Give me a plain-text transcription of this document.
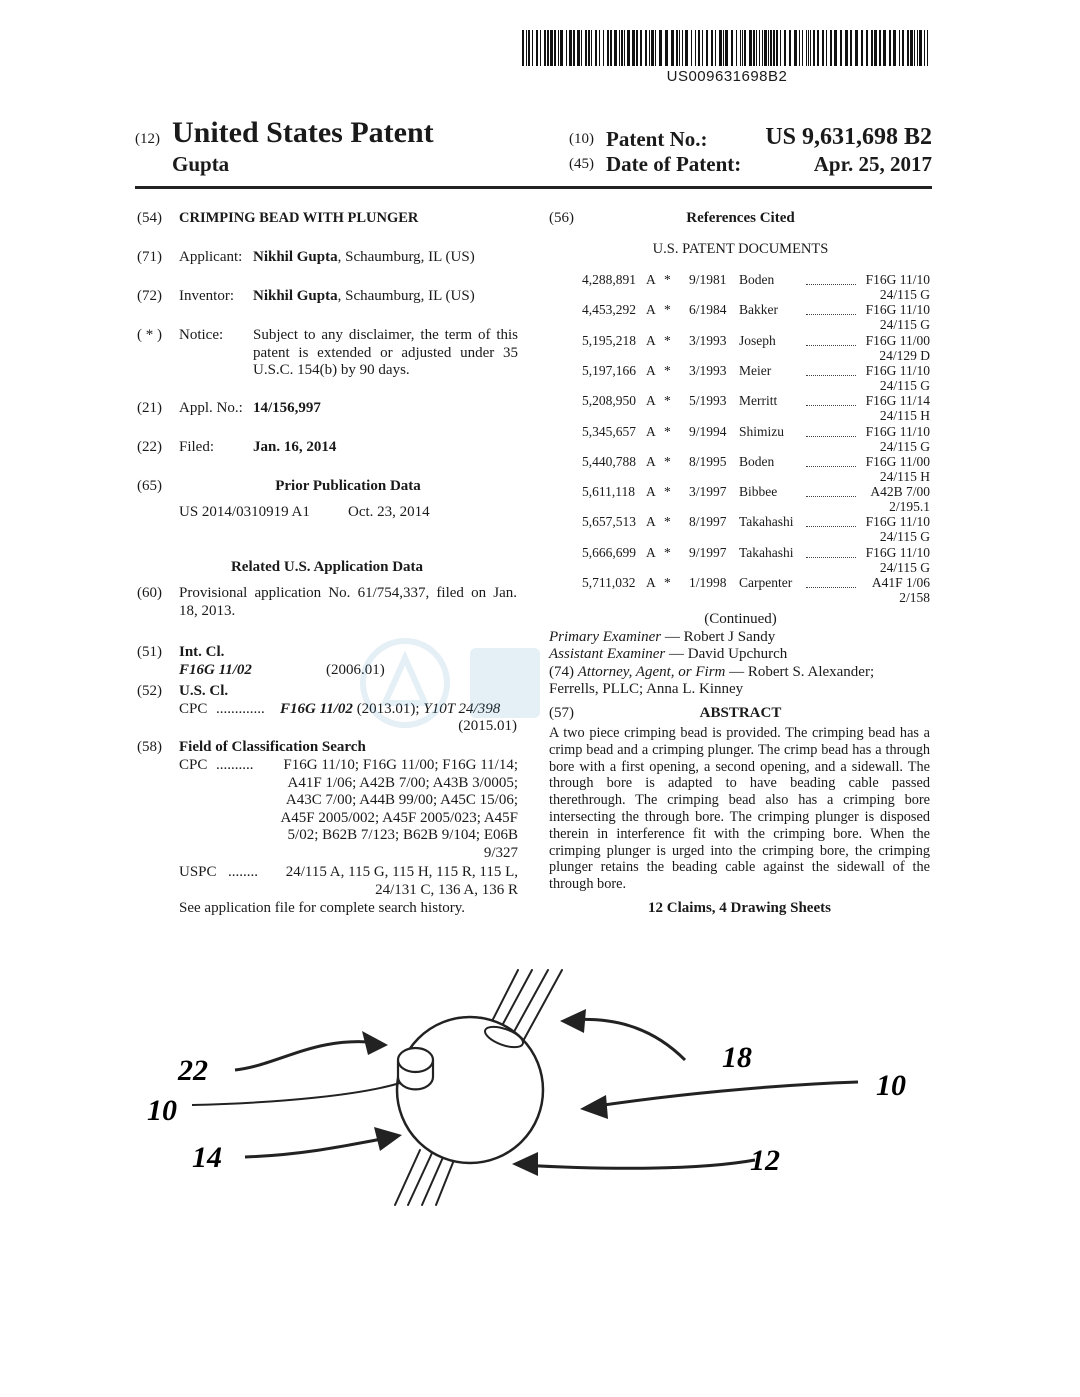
US009631698B2
(12) United States Patent
Gupta
(10) Patent No.: US 9,631,698 B2
(45) Date of Patent:	Apr. 25, 2017
(54) CRIMPING BEAD WITH PLUNGER
(71) Applicant: Nikhil Gupta, Schaumburg, IL (US)
(72) Inventor: Nikhil Gupta, Schaumburg, IL (US)
( * ) Notice: Subject to any disclaimer, the term of this patent is extended or adjusted under 35 U.S.C. 154(b) by 90 days.
(21) Appl. No.: 14/156,997
(22) Filed:	Jan. 16, 2014
(65)	Prior Publication Data
US 2014/0310919 A1	Oct. 23, 2014
Related U.S. Application Data
(60) Provisional application No. 61/754,337, filed on Jan. 18, 2013.
(51) Int. Cl.
F16G 11/02	(2006.01)
(52) U.S. Cl.
CPC ............. F16G 11/02 (2013.01); Y10T 24/398
(2015.01)
(58) Field of Classification Search
CPC ..........	F16G 11/10; F16G 11/00; F16G 11/14; A41F 1/06; A42B 7/00; A43B 3/0005; A43C 7/00; A44B 99/00; A45C 15/06; A45F 2005/002; A45F 2005/023; A45F 5/02; B62B 7/123; B62B 9/104; E06B 9/327
USPC ........	24/115 A, 115 G, 115 H, 115 R, 115 L, 24/131 C, 136 A, 136 R
See application file for complete search history.
(56)	References Cited
U.S. PATENT DOCUMENTS
4,288,891 A * 9/1981 Boden	F16G 11/10
24/115 G
4,453,292 A * 6/1984 Bakker	F16G 11/10
24/115 G
5,195,218 A * 3/1993 Joseph	F16G 11/00
24/129 D
5,197,166 A * 3/1993 Meier	F16G 11/10
24/115 G
5,208,950 A * 5/1993 Merritt	F16G 11/14
24/115 H
5,345,657 A * 9/1994 Shimizu	F16G 11/10
24/115 G
5,440,788 A * 8/1995 Boden	F16G 11/00
24/115 H
5,611,118 A * 3/1997 Bibbee	A42B 7/00
2/195.1
5,657,513 A * 8/1997 Takahashi	F16G 11/10
24/115 G
5,666,699 A * 9/1997 Takahashi	F16G 11/10
24/115 G
5,711,032 A * 1/1998 Carpenter	A41F 1/06
2/158
(Continued)
Primary Examiner — Robert J Sandy
Assistant Examiner — David Upchurch
(74) Attorney, Agent, or Firm — Robert S. Alexander;
Ferrells, PLLC; Anna L. Kinney
(57)	ABSTRACT
A two piece crimping bead is provided. The crimping bead has a crimp bead and a crimping plunger. The crimp bead has a through bore with a first opening, a second opening, and a sidewall. The through bore is adapted to have beading cable passed therethrough. The crimping bead also has a crimping bore intersecting the through bore. The crimping plunger is disposed therein in interference fit with the crimping bore. When the crimping plunger is urged into the crimping bore, the crimping plunger retains the beading cable against the sidewall of the through bore.
12 Claims, 4 Drawing Sheets
22
10
14
18
10
12
